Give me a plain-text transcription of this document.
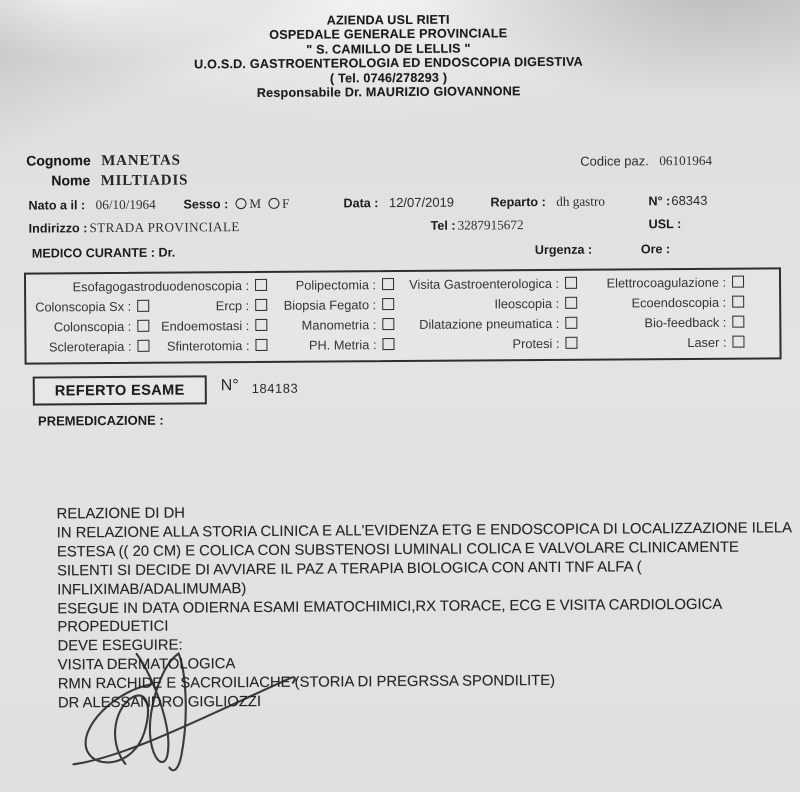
AZIENDA USL RIETI
OSPEDALE GENERALE PROVINCIALE
" S. CAMILLO DE LELLIS "
U.O.S.D. GASTROENTEROLOGIA ED ENDOSCOPIA DIGESTIVA
( Tel. 0746/278293 )
Responsabile Dr. MAURIZIO GIOVANNONE
Cognome MANETAS	Codice paz. 06101964
Nome MILTIADIS
Nato a il : 06/10/1964 Sesso : M F	Data : 12/07/2019	Reparto : dh gastro	N° :68343
Indirizzo : STRADA PROVINCIALE	Tel : 3287915672	USL :
MEDICO CURANTE : Dr.	Urgenza :	Ore :
Esofagogastroduodenoscopia :	Polipectomia :	Visita Gastroenterologica :	Elettrocoagulazione :
Colonscopia Sx :	Ercp :	Biopsia Fegato :	Ileoscopia :	Ecoendoscopia :
Colonscopia :	Endoemostasi :	Manometria :	Dilatazione pneumatica :	Bio-feedback :
Scleroterapia :	Sfinterotomia :	PH. Metria :	Protesi :	Laser :
REFERTO ESAME N° 184183
PREMEDICAZIONE :
RELAZIONE DI DH
IN RELAZIONE ALLA STORIA CLINICA E ALL'EVIDENZA ETG E ENDOSCOPICA DI LOCALIZZAZIONE ILELA
ESTESA (( 20 CM) E COLICA CON SUBSTENOSI LUMINALI COLICA E VALVOLARE CLINICAMENTE
SILENTI SI DECIDE DI AVVIARE IL PAZ A TERAPIA BIOLOGICA CON ANTI TNF ALFA (
INFLIXIMAB/ADALIMUMAB)
ESEGUE IN DATA ODIERNA ESAMI EMATOCHIMICI,RX TORACE, ECG E VISITA CARDIOLOGICA
PROPEDUETICI
DEVE ESEGUIRE:
VISITA DERMATOLOGICA
RMN RACHIDE E SACROILIACHE (STORIA DI PREGRSSA SPONDILITE)
DR ALESSANDRO GIGLIOZZI
